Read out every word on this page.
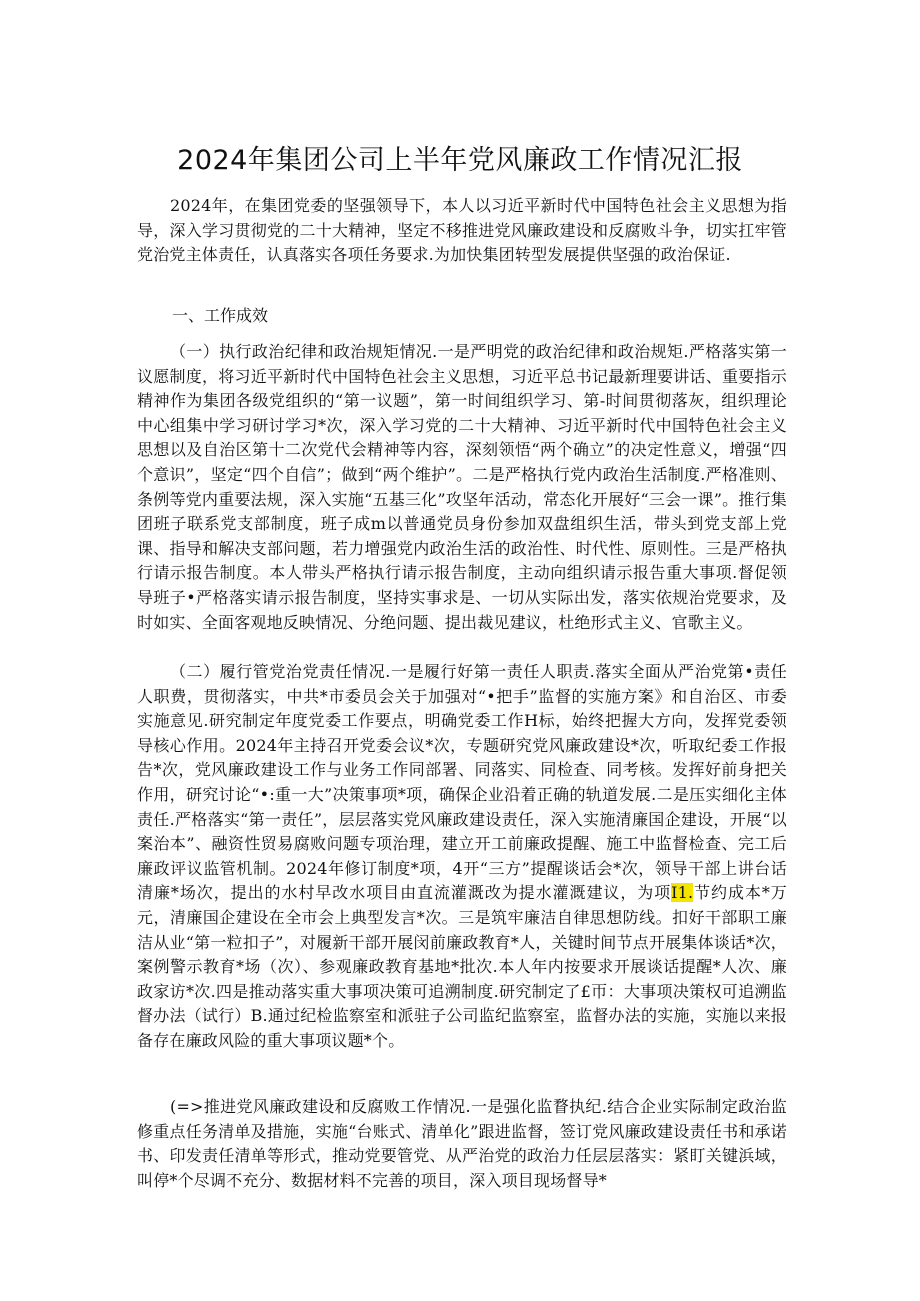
2024年集团公司上半年党风廉政工作情况汇报

2024年，在集团党委的坚强领导下，本人以习近平新时代中国特色社会主义思想为指导，深入学习贯彻党的二十大精神，坚定不移推进党风廉政建设和反腐败斗争，切实扛牢管党治党主体责任，认真落实各项任务要求.为加快集团转型发展提供坚强的政治保证.

一、工作成效

（一）执行政治纪律和政治规矩情况.一是严明党的政治纪律和政治规矩.严格落实第一议愿制度，将习近平新时代中国特色社会主义思想，习近平总书记最新理要讲话、重要指示精神作为集团各级党组织的“第一议题”，第一时间组织学习、第-时间贯彻落灰，组织理论中心组集中学习研讨学习*次，深入学习党的二十大精神、习近平新时代中国特色社会主义思想以及自治区第十二次党代会精神等内容，深刻领悟“两个确立”的决定性意义，增强“四个意识”，坚定“四个自信”；做到“两个维护”。二是严格执行党内政治生活制度.严格准则、条例等党内重要法规，深入实施“五基三化”攻坚年活动，常态化开展好“三会一课”。推行集团班子联系党支部制度，班子成m以普通党员身份参加双盘组织生活，带头到党支部上党课、指导和解决支部问题，若力增强党内政治生活的政治性、时代性、原则性。三是严格执行请示报告制度。本人带头严格执行请示报告制度，主动向组织请示报告重大事项.督促领导班子•严格落实请示报告制度，坚持实事求是、一切从实际出发，落实依规治党要求，及时如实、全面客观地反映情况、分绝问题、提出裁见建议，杜绝形式主义、官歌主义。

（二）履行管党治党责任情况.一是履行好第一责任人职责.落实全面从严治党第•责任人职费，贯彻落实，中共*市委员会关于加强对“•把手”监督的实施方案》和自治区、市委实施意见.研究制定年度党委工作要点，明确党委工作H标，始终把握大方向，发挥党委领导核心作用。2024年主持召开党委会议*次，专题研究党风廉政建设*次，听取纪委工作报告*次，党风廉政建设工作与业务工作同部署、同落实、同检查、同考核。发挥好前身把关作用，研究讨论“•:重一大”决策事项*项，确保企业沿着正确的轨道发展.二是压实细化主体责任.严格落实“第一责任”，层层落实党风廉政建设责任，深入实施清廉国企建设，开展“以案治本”、融资性贸易腐败问题专项治理，建立开工前廉政提醒、施工中监督检查、完工后廉政评议监管机制。2024年修订制度*项，4开“三方”提醒谈话会*次，领导干部上讲台话清廉*场次，提出的水村早改水项目由直流灌溉改为提水灌溉建议，为项I1.节约成本*万元，清廉国企建设在全市会上典型发言*次。三是筑牢廉洁自律思想防线。扣好干部职工廉洁从业“第一粒扣子”，对履新干部开展闵前廉政教育*人，关键时间节点开展集体谈话*次，案例警示教育*场（次）、参观廉政教育基地*批次.本人年内按要求开展谈话提醒*人次、廉政家访*次.四是推动落实重大事项决策可追溯制度.研究制定了£帀：大事项决策权可追溯监督办法（试行）B.通过纪检监察室和派驻子公司监纪监察室，监督办法的实施，实施以来报备存在廉政风险的重大事项议题*个。

(=>推进党风廉政建设和反腐败工作情况.一是强化监瞀执纪.结合企业实际制定政治监修重点任务清单及措施，实施“台账式、清单化”跟进监督，签订党风廉政建设责任书和承诺书、印发责任清单等形式，推动党要管党、从严治党的政治力任层层落实：紧盯关键浜域，叫停*个尽调不充分、数据材料不完善的项目，深入项目现场督导*
